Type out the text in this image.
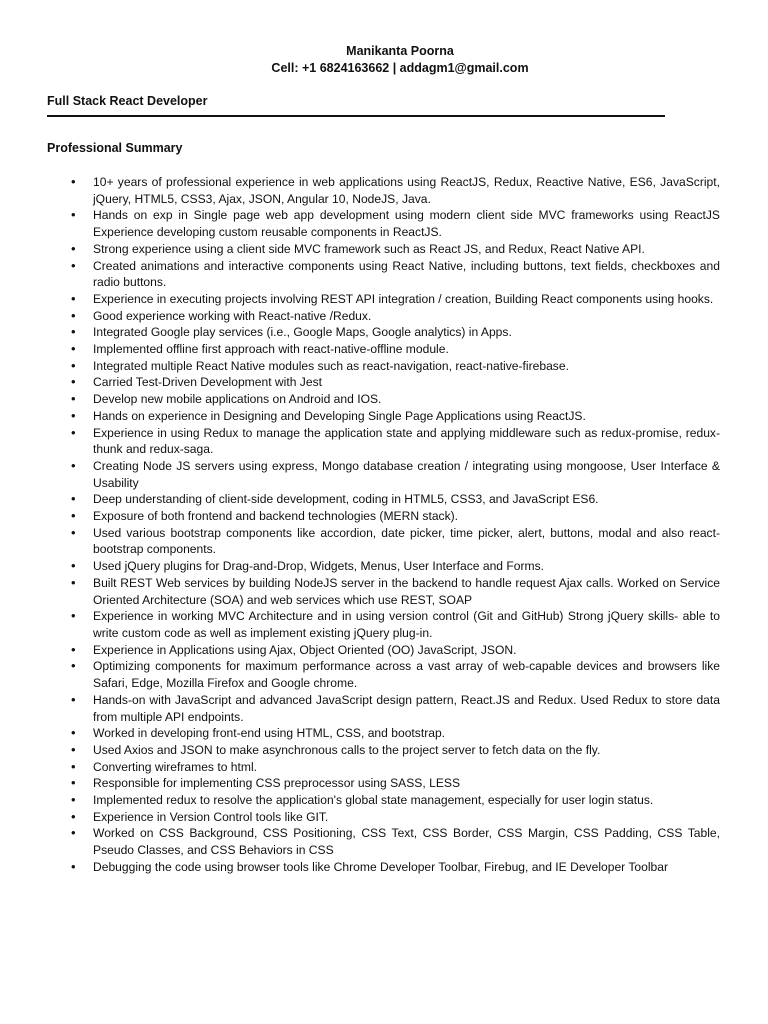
Manikanta Poorna
Cell: +1 6824163662 | addagm1@gmail.com
Full Stack React Developer
Professional Summary
• 10+ years of professional experience in web applications using ReactJS, Redux, Reactive Native, ES6, JavaScript, jQuery, HTML5, CSS3, Ajax, JSON, Angular 10, NodeJS, Java.
• Hands on exp in Single page web app development using modern client side MVC frameworks using ReactJS Experience developing custom reusable components in ReactJS.
• Strong experience using a client side MVC framework such as React JS, and Redux, React Native API.
• Created animations and interactive components using React Native, including buttons, text fields, checkboxes and radio buttons.
• Experience in executing projects involving REST API integration / creation, Building React components using hooks.
• Good experience working with React-native /Redux.
• Integrated Google play services (i.e., Google Maps, Google analytics) in Apps.
• Implemented offline first approach with react-native-offline module.
• Integrated multiple React Native modules such as react-navigation, react-native-firebase.
• Carried Test-Driven Development with Jest
• Develop new mobile applications on Android and IOS.
• Hands on experience in Designing and Developing Single Page Applications using ReactJS.
• Experience in using Redux to manage the application state and applying middleware such as redux-promise, redux-thunk and redux-saga.
• Creating Node JS servers using express, Mongo database creation / integrating using mongoose, User Interface & Usability
• Deep understanding of client-side development, coding in HTML5, CSS3, and JavaScript ES6.
• Exposure of both frontend and backend technologies (MERN stack).
• Used various bootstrap components like accordion, date picker, time picker, alert, buttons, modal and also react-bootstrap components.
• Used jQuery plugins for Drag-and-Drop, Widgets, Menus, User Interface and Forms.
• Built REST Web services by building NodeJS server in the backend to handle request Ajax calls. Worked on Service Oriented Architecture (SOA) and web services which use REST, SOAP
• Experience in working MVC Architecture and in using version control (Git and GitHub) Strong jQuery skills- able to write custom code as well as implement existing jQuery plug-in.
• Experience in Applications using Ajax, Object Oriented (OO) JavaScript, JSON.
• Optimizing components for maximum performance across a vast array of web-capable devices and browsers like Safari, Edge, Mozilla Firefox and Google chrome.
• Hands-on with JavaScript and advanced JavaScript design pattern, React.JS and Redux. Used Redux to store data from multiple API endpoints.
• Worked in developing front-end using HTML, CSS, and bootstrap.
• Used Axios and JSON to make asynchronous calls to the project server to fetch data on the fly.
• Converting wireframes to html.
• Responsible for implementing CSS preprocessor using SASS, LESS
• Implemented redux to resolve the application's global state management, especially for user login status.
• Experience in Version Control tools like GIT.
• Worked on CSS Background, CSS Positioning, CSS Text, CSS Border, CSS Margin, CSS Padding, CSS Table, Pseudo Classes, and CSS Behaviors in CSS
• Debugging the code using browser tools like Chrome Developer Toolbar, Firebug, and IE Developer Toolbar
